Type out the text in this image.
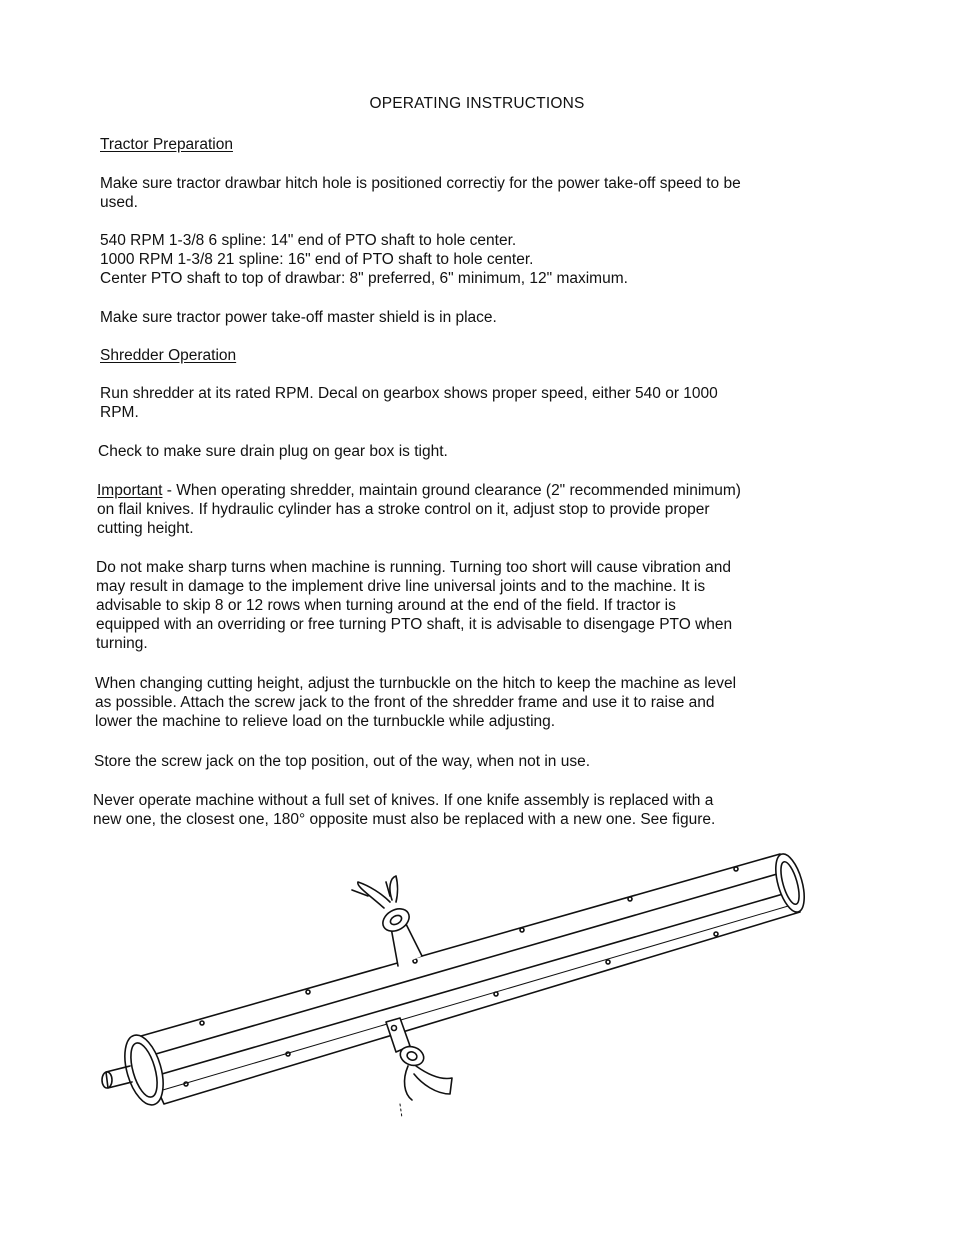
OPERATING INSTRUCTIONS
Tractor Preparation
Make sure tractor drawbar hitch hole is positioned correctiy for the power take-off speed to be
used.
540 RPM 1-3/8 6 spline: 14" end of PTO shaft to hole center.
1000 RPM 1-3/8 21 spline: 16" end of PTO shaft to hole center.
Center PTO shaft to top of drawbar: 8" preferred, 6" minimum, 12" maximum.
Make sure tractor power take-off master shield is in place.
Shredder Operation
Run shredder at its rated RPM. Decal on gearbox shows proper speed, either 540 or 1000
RPM.
Check to make sure drain plug on gear box is tight.
Important - When operating shredder, maintain ground clearance (2" recommended minimum)
on flail knives. If hydraulic cylinder has a stroke control on it, adjust stop to provide proper
cutting height.
Do not make sharp turns when machine is running. Turning too short will cause vibration and
may result in damage to the implement drive line universal joints and to the machine. It is
advisable to skip 8 or 12 rows when turning around at the end of the field. If tractor is
equipped with an overriding or free turning PTO shaft, it is advisable to disengage PTO when
turning.
When changing cutting height, adjust the turnbuckle on the hitch to keep the machine as level
as possible. Attach the screw jack to the front of the shredder frame and use it to raise and
lower the machine to relieve load on the turnbuckle while adjusting.
Store the screw jack on the top position, out of the way, when not in use.
Never operate machine without a full set of knives. If one knife assembly is replaced with a
new one, the closest one, 180° opposite must also be replaced with a new one. See figure.
